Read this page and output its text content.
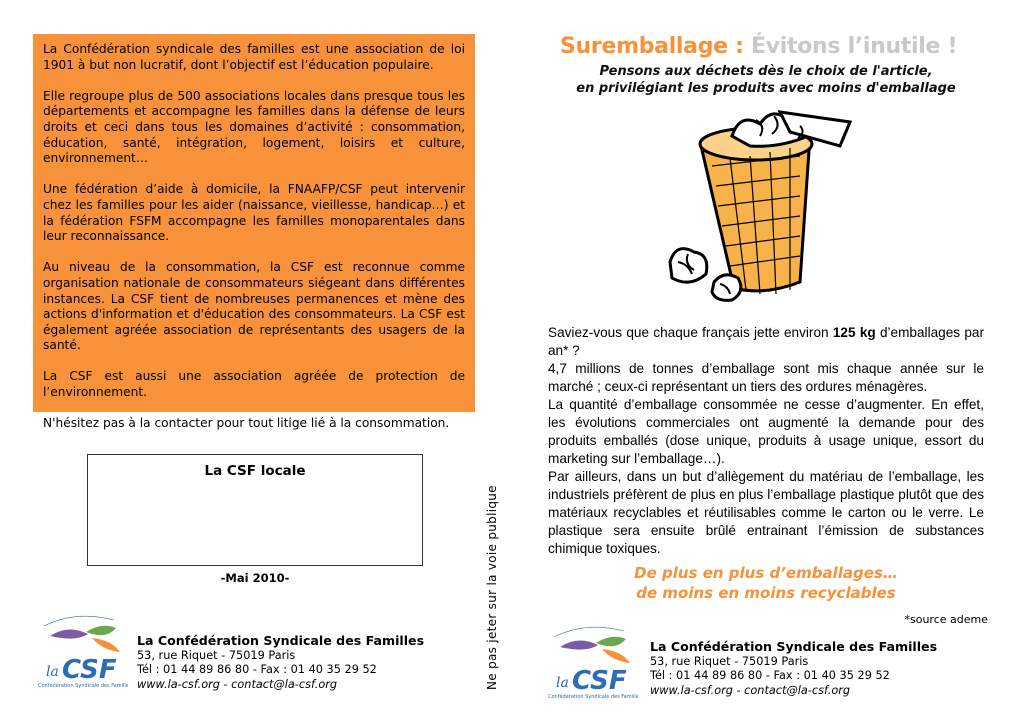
La Confédération syndicale des familles est une association de loi 1901 à but non lucratif, dont l’objectif est l’éducation populaire.

Elle regroupe plus de 500 associations locales dans presque tous les départements et accompagne les familles dans la défense de leurs droits et ceci dans tous les domaines d’activité : consommation, éducation, santé, intégration, logement, loisirs et culture, environnement…

Une fédération d’aide à domicile, la FNAAFP/CSF peut intervenir chez les familles pour les aider (naissance, vieillesse, handicap…) et la fédération FSFM accompagne les familles monoparentales dans leur reconnaissance.

Au niveau de la consommation, la CSF est reconnue comme organisation nationale de consommateurs siégeant dans différentes instances. La CSF tient de nombreuses permanences et mène des actions d'information et d'éducation des consommateurs. La CSF est également agréée association de représentants des usagers de la santé.

La CSF est aussi une association agréée de protection de l’environnement.

N'hésitez pas à la contacter pour tout litige lié à la consommation.

La CSF locale
-Mai 2010-	Ne pas jeter sur la voie publique
la CSF
Confédération Syndicale des Familles
La Confédération Syndicale des Familles
53, rue Riquet - 75019 Paris
Tél : 01 44 89 86 80 - Fax : 01 40 35 29 52
www.la-csf.org - contact@la-csf.org
Suremballage : Évitons l’inutile !
Pensons aux déchets dès le choix de l'article,
en privilégiant les produits avec moins d'emballage

Saviez-vous que chaque français jette environ 125 kg d’emballages par an* ?

4,7 millions de tonnes d’emballage sont mis chaque année sur le marché ; ceux-ci représentant un tiers des ordures ménagères.

La quantité d’emballage consommée ne cesse d’augmenter. En effet, les évolutions commerciales ont augmenté la demande pour des produits emballés (dose unique, produits à usage unique, essort du marketing sur l’emballage…).

Par ailleurs, dans un but d’allègement du matériau de l’emballage, les industriels préfèrent de plus en plus l’emballage plastique plutôt que des matériaux recyclables et réutilisables comme le carton ou le verre. Le plastique sera ensuite brûlé entrainant l’émission de substances chimique toxiques.

De plus en plus d’emballages…
de moins en moins recyclables
*source ademe
la CSF
Confédération Syndicale des Familles
La Confédération Syndicale des Familles
53, rue Riquet - 75019 Paris
Tél : 01 44 89 86 80 - Fax : 01 40 35 29 52
www.la-csf.org - contact@la-csf.org
